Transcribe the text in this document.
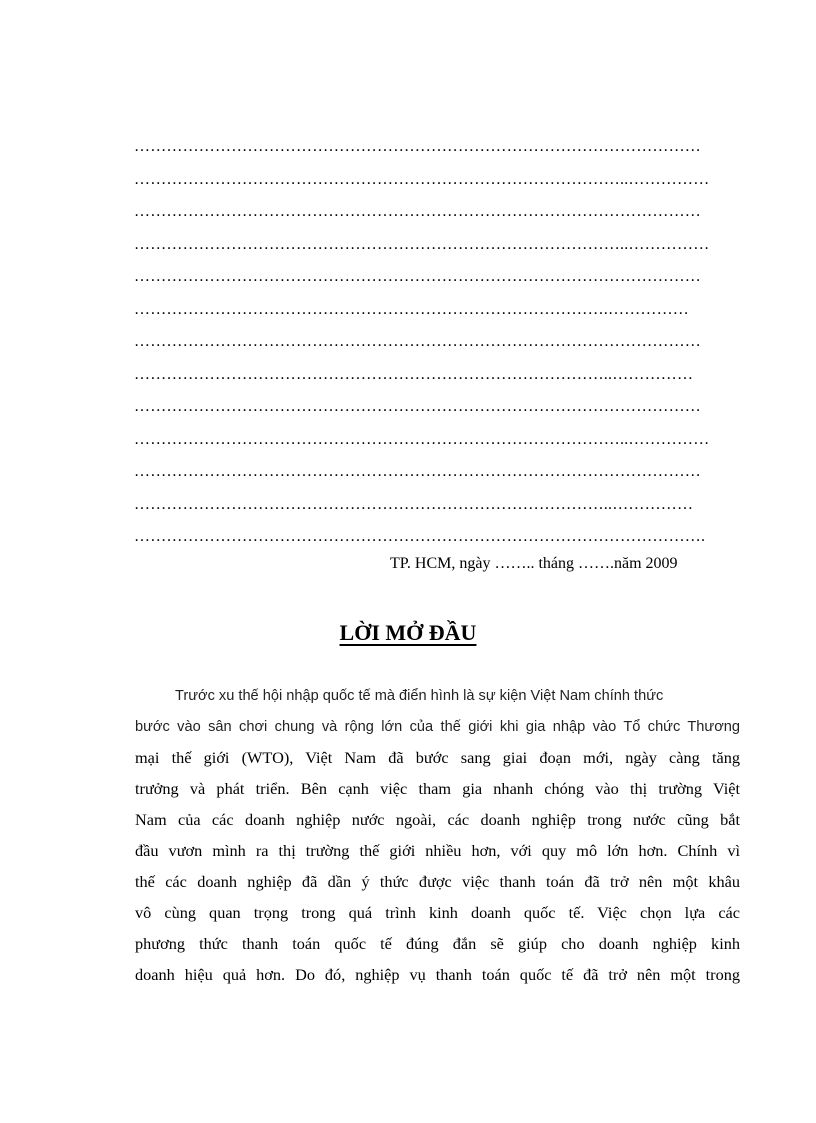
……………………………………………………………………………………………
………………………………………………………………………………..……………
……………………………………………………………………………………………
………………………………………………………………………………..……………
……………………………………………………………………………………………
…………………………………………………………………………….……………
……………………………………………………………………………………………
……………………………………………………………………………..……………
……………………………………………………………………………………………
………………………………………………………………………………..……………
……………………………………………………………………………………………
……………………………………………………………………………..……………
…………………………………………………………………………………………….
TP. HCM, ngày …….. tháng …….năm 2009
LỜI MỞ ĐẦU
Trước xu thế hội nhập quốc tế mà điển hình là sự kiện Việt Nam chính thức
bước vào sân chơi chung và rộng lớn của thế giới khi gia nhập vào Tổ chức Thương
mại thế giới (WTO), Việt Nam đã bước sang giai đoạn mới, ngày càng tăng
trưởng và phát triển. Bên cạnh việc tham gia nhanh chóng vào thị trường Việt
Nam của các doanh nghiệp nước ngoài, các doanh nghiệp trong nước cũng bắt
đầu vươn mình ra thị trường thế giới nhiều hơn, với quy mô lớn hơn. Chính vì
thế các doanh nghiệp đã dần ý thức được việc thanh toán đã trở nên một khâu
vô cùng quan trọng trong quá trình kinh doanh quốc tế. Việc chọn lựa các
phương thức thanh toán quốc tế đúng đắn sẽ giúp cho doanh nghiệp kinh
doanh hiệu quả hơn. Do đó, nghiệp vụ thanh toán quốc tế đã trở nên một trong
